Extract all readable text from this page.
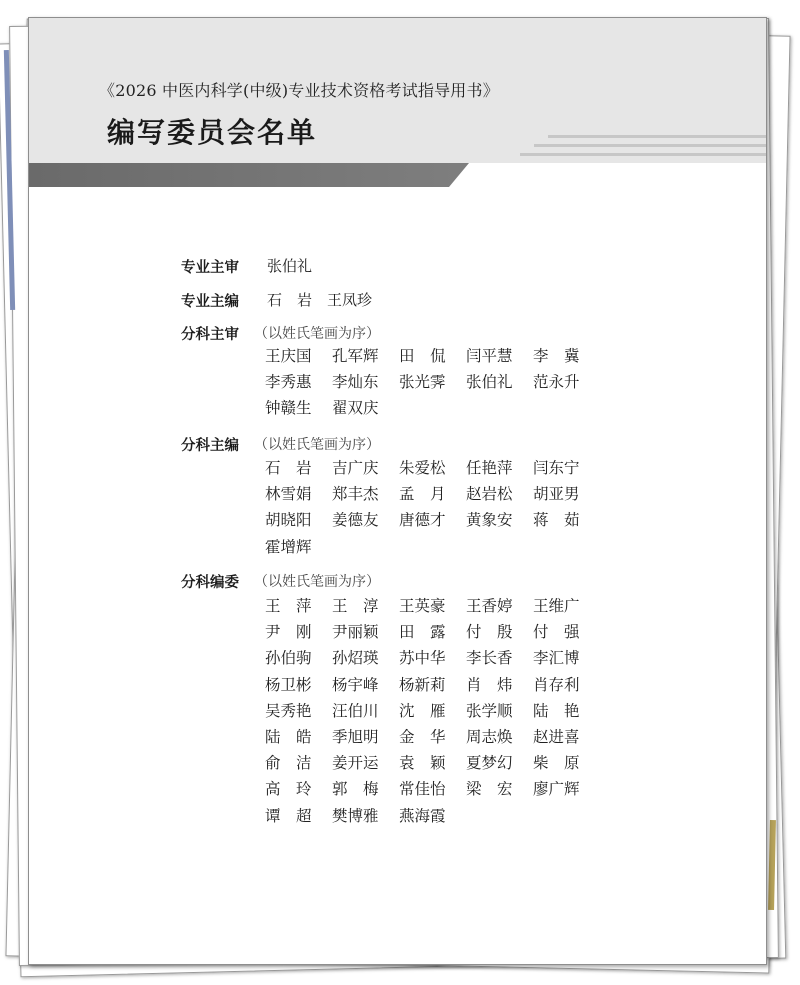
《2026 中医内科学(中级)专业技术资格考试指导用书》
编写委员会名单
专业主审 张伯礼
专业主编 石　岩　王凤珍
分科主审 （以姓氏笔画为序）
王庆国	孔军辉	田　侃	闫平慧	李　冀
李秀惠	李灿东	张光霁	张伯礼	范永升
钟赣生	翟双庆
分科主编 （以姓氏笔画为序）
石　岩	吉广庆	朱爱松	任艳萍	闫东宁
林雪娟	郑丰杰	孟　月	赵岩松	胡亚男
胡晓阳	姜德友	唐德才	黄象安	蒋　茹
霍增辉
分科编委 （以姓氏笔画为序）
王　萍	王　淳	王英豪	王香婷	王维广
尹　刚	尹丽颖	田　露	付　殷	付　强
孙伯驹	孙炤瑛	苏中华	李长香	李汇博
杨卫彬	杨宇峰	杨新莉	肖　炜	肖存利
吴秀艳	汪伯川	沈　雁	张学顺	陆　艳
陆　皓	季旭明	金　华	周志焕	赵进喜
俞　洁	姜开运	袁　颖	夏梦幻	柴　原
高　玲	郭　梅	常佳怡	梁　宏	廖广辉
谭　超	樊博雅	燕海霞
